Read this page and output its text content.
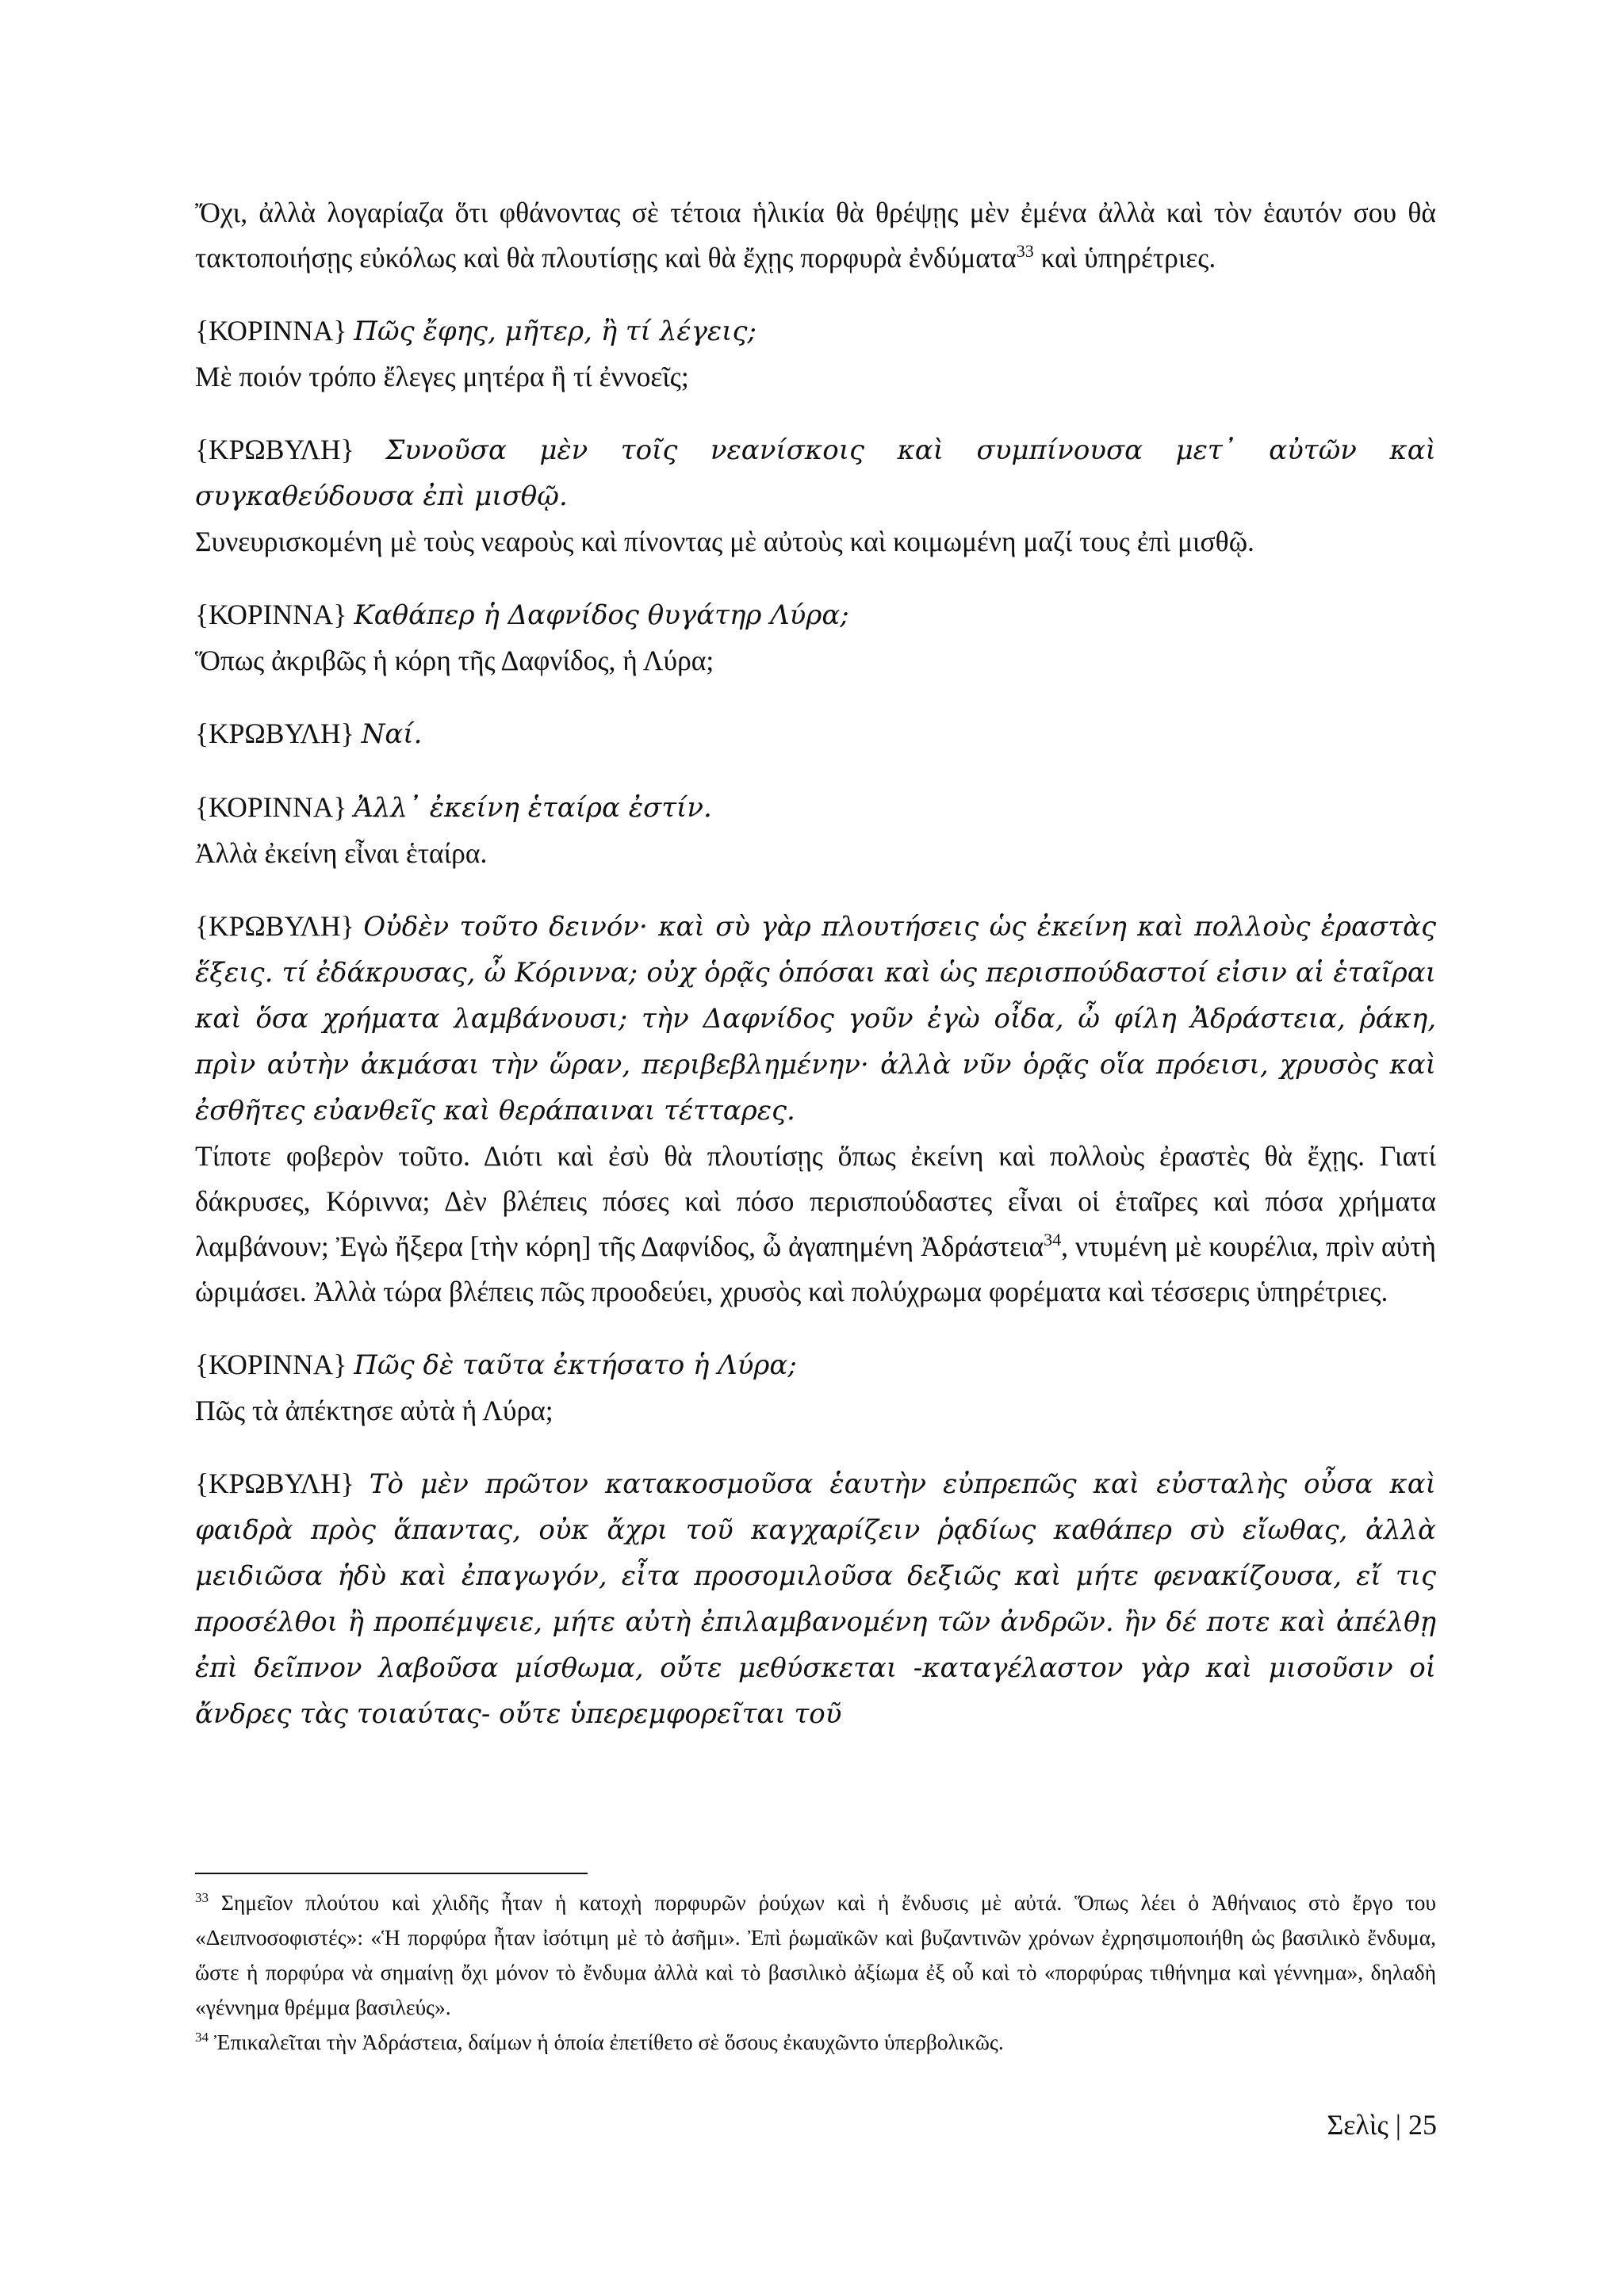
Ὄχι, ἀλλὰ λογαρίαζα ὅτι φθάνοντας σὲ τέτοια ἡλικία θὰ θρέψῃς μὲν ἐμένα ἀλλὰ καὶ τὸν ἑαυτόν σου θὰ τακτοποιήσῃς εὐκόλως καὶ θὰ πλουτίσῃς καὶ θὰ ἔχῃς πορφυρὰ ἐνδύματα$^{33}$ καὶ ὑπηρέτριες.

{ΚΟΡΙΝΝΑ} Πῶς ἔφης, μῆτερ, ἢ τί λέγεις;
Μὲ ποιόν τρόπο ἔλεγες μητέρα ἢ τί ἐννοεῖς;

{ΚΡΩΒΥΛΗ} Συνοῦσα μὲν τοῖς νεανίσκοις καὶ συμπίνουσα μετ᾽ αὐτῶν καὶ συγκαθεύδουσα ἐπὶ μισθῷ.
Συνευρισκομένη μὲ τοὺς νεαροὺς καὶ πίνοντας μὲ αὐτοὺς καὶ κοιμωμένη μαζί τους ἐπὶ μισθῷ.

{ΚΟΡΙΝΝΑ} Καθάπερ ἡ Δαφνίδος θυγάτηρ Λύρα;
Ὅπως ἀκριβῶς ἡ κόρη τῆς Δαφνίδος, ἡ Λύρα;

{ΚΡΩΒΥΛΗ} Ναί.

{ΚΟΡΙΝΝΑ} Ἀλλ᾽ ἐκείνη ἑταίρα ἐστίν.
Ἀλλὰ ἐκείνη εἶναι ἑταίρα.

{ΚΡΩΒΥΛΗ} Οὐδὲν τοῦτο δεινόν· καὶ σὺ γὰρ πλουτήσεις ὡς ἐκείνη καὶ πολλοὺς ἐραστὰς ἕξεις. τί ἐδάκρυσας, ὦ Κόριννα; οὐχ ὁρᾷς ὁπόσαι καὶ ὡς περισπούδαστοί εἰσιν αἱ ἑταῖραι καὶ ὅσα χρήματα λαμβάνουσι; τὴν Δαφνίδος γοῦν ἐγὼ οἶδα, ὦ φίλη Ἀδράστεια, ῥάκη, πρὶν αὐτὴν ἀκμάσαι τὴν ὥραν, περιβεβλημένην· ἀλλὰ νῦν ὁρᾷς οἵα πρόεισι, χρυσὸς καὶ ἐσθῆτες εὐανθεῖς καὶ θεράπαιναι τέτταρες.
Τίποτε φοβερὸν τοῦτο. Διότι καὶ ἐσὺ θὰ πλουτίσῃς ὅπως ἐκείνη καὶ πολλοὺς ἐραστὲς θὰ ἔχῃς. Γιατί δάκρυσες, Κόριννα; Δὲν βλέπεις πόσες καὶ πόσο περισπούδαστες εἶναι οἱ ἑταῖρες καὶ πόσα χρήματα λαμβάνουν; Ἐγὼ ἤξερα [τὴν κόρη] τῆς Δαφνίδος, ὦ ἀγαπημένη Ἀδράστεια$^{34}$, ντυμένη μὲ κουρέλια, πρὶν αὐτὴ ὡριμάσει. Ἀλλὰ τώρα βλέπεις πῶς προοδεύει, χρυσὸς καὶ πολύχρωμα φορέματα καὶ τέσσερις ὑπηρέτριες.

{ΚΟΡΙΝΝΑ} Πῶς δὲ ταῦτα ἐκτήσατο ἡ Λύρα;
Πῶς τὰ ἀπέκτησε αὐτὰ ἡ Λύρα;

{ΚΡΩΒΥΛΗ} Τὸ μὲν πρῶτον κατακοσμοῦσα ἑαυτὴν εὐπρεπῶς καὶ εὐσταλὴς οὖσα καὶ φαιδρὰ πρὸς ἅπαντας, οὐκ ἄχρι τοῦ καγχαρίζειν ῥᾳδίως καθάπερ σὺ εἴωθας, ἀλλὰ μειδιῶσα ἡδὺ καὶ ἐπαγωγόν, εἶτα προσομιλοῦσα δεξιῶς καὶ μήτε φενακίζουσα, εἴ τις προσέλθοι ἢ προπέμψειε, μήτε αὐτὴ ἐπιλαμβανομένη τῶν ἀνδρῶν. ἢν δέ ποτε καὶ ἀπέλθῃ ἐπὶ δεῖπνον λαβοῦσα μίσθωμα, οὔτε μεθύσκεται -καταγέλαστον γὰρ καὶ μισοῦσιν οἱ ἄνδρες τὰς τοιαύτας- οὔτε ὑπερεμφορεῖται τοῦ

$^{33}$ Σημεῖον πλούτου καὶ χλιδῆς ἦταν ἡ κατοχὴ πορφυρῶν ῥούχων καὶ ἡ ἔνδυσις μὲ αὐτά. Ὅπως λέει ὁ Ἀθήναιος στὸ ἔργο του «Δειπνοσοφιστές»: «Ἡ πορφύρα ἦταν ἰσότιμη μὲ τὸ ἀσῆμι». Ἐπὶ ῥωμαϊκῶν καὶ βυζαντινῶν χρόνων ἐχρησιμοποιήθη ὡς βασιλικὸ ἔνδυμα, ὥστε ἡ πορφύρα νὰ σημαίνῃ ὄχι μόνον τὸ ἔνδυμα ἀλλὰ καὶ τὸ βασιλικὸ ἀξίωμα ἐξ οὗ καὶ τὸ «πορφύρας τιθήνημα καὶ γέννημα», δηλαδὴ «γέννημα θρέμμα βασιλεύς».

$^{34}$ Ἐπικαλεῖται τὴν Ἀδράστεια, δαίμων ἡ ὁποία ἐπετίθετο σὲ ὅσους ἐκαυχῶντο ὑπερβολικῶς.

Σελὶς | 25
